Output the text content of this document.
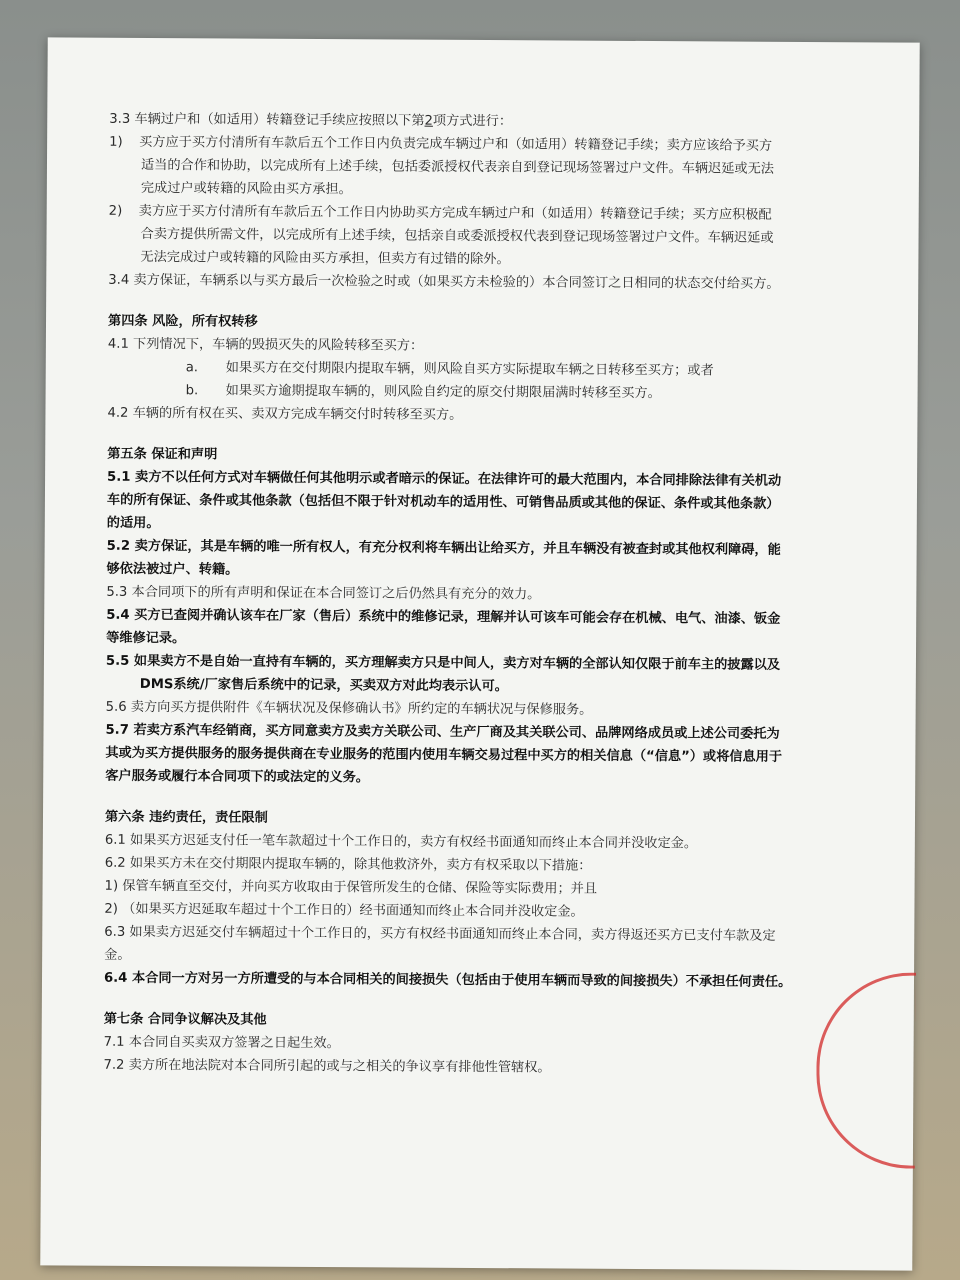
3.3 车辆过户和（如适用）转籍登记手续应按照以下第2项方式进行：
1) 买方应于买方付清所有车款后五个工作日内负责完成车辆过户和（如适用）转籍登记手续；卖方应该给予买方
适当的合作和协助，以完成所有上述手续，包括委派授权代表亲自到登记现场签署过户文件。车辆迟延或无法
完成过户或转籍的风险由买方承担。
2) 卖方应于买方付清所有车款后五个工作日内协助买方完成车辆过户和（如适用）转籍登记手续；买方应积极配
合卖方提供所需文件，以完成所有上述手续，包括亲自或委派授权代表到登记现场签署过户文件。车辆迟延或
无法完成过户或转籍的风险由买方承担，但卖方有过错的除外。
3.4 卖方保证，车辆系以与买方最后一次检验之时或（如果买方未检验的）本合同签订之日相同的状态交付给买方。
第四条 风险，所有权转移
4.1 下列情况下，车辆的毁损灭失的风险转移至买方：
a. 如果买方在交付期限内提取车辆，则风险自买方实际提取车辆之日转移至买方；或者
b. 如果买方逾期提取车辆的，则风险自约定的原交付期限届满时转移至买方。
4.2 车辆的所有权在买、卖双方完成车辆交付时转移至买方。
第五条 保证和声明
5.1 卖方不以任何方式对车辆做任何其他明示或者暗示的保证。在法律许可的最大范围内，本合同排除法律有关机动
车的所有保证、条件或其他条款（包括但不限于针对机动车的适用性、可销售品质或其他的保证、条件或其他条款）
的适用。
5.2 卖方保证，其是车辆的唯一所有权人，有充分权利将车辆出让给买方，并且车辆没有被查封或其他权利障碍，能
够依法被过户、转籍。
5.3 本合同项下的所有声明和保证在本合同签订之后仍然具有充分的效力。
5.4 买方已查阅并确认该车在厂家（售后）系统中的维修记录，理解并认可该车可能会存在机械、电气、油漆、钣金
等维修记录。
5.5 如果卖方不是自始一直持有车辆的，买方理解卖方只是中间人，卖方对车辆的全部认知仅限于前车主的披露以及
DMS系统/厂家售后系统中的记录，买卖双方对此均表示认可。
5.6 卖方向买方提供附件《车辆状况及保修确认书》所约定的车辆状况与保修服务。
5.7 若卖方系汽车经销商，买方同意卖方及卖方关联公司、生产厂商及其关联公司、品牌网络成员或上述公司委托为
其或为买方提供服务的服务提供商在专业服务的范围内使用车辆交易过程中买方的相关信息（“信息”）或将信息用于
客户服务或履行本合同项下的或法定的义务。
第六条 违约责任，责任限制
6.1 如果买方迟延支付任一笔车款超过十个工作日的，卖方有权经书面通知而终止本合同并没收定金。
6.2 如果买方未在交付期限内提取车辆的，除其他救济外，卖方有权采取以下措施：
1) 保管车辆直至交付，并向买方收取由于保管所发生的仓储、保险等实际费用；并且
2) （如果买方迟延取车超过十个工作日的）经书面通知而终止本合同并没收定金。
6.3 如果卖方迟延交付车辆超过十个工作日的，买方有权经书面通知而终止本合同，卖方得返还买方已支付车款及定
金。
6.4 本合同一方对另一方所遭受的与本合同相关的间接损失（包括由于使用车辆而导致的间接损失）不承担任何责任。
第七条 合同争议解决及其他
7.1 本合同自买卖双方签署之日起生效。
7.2 卖方所在地法院对本合同所引起的或与之相关的争议享有排他性管辖权。
